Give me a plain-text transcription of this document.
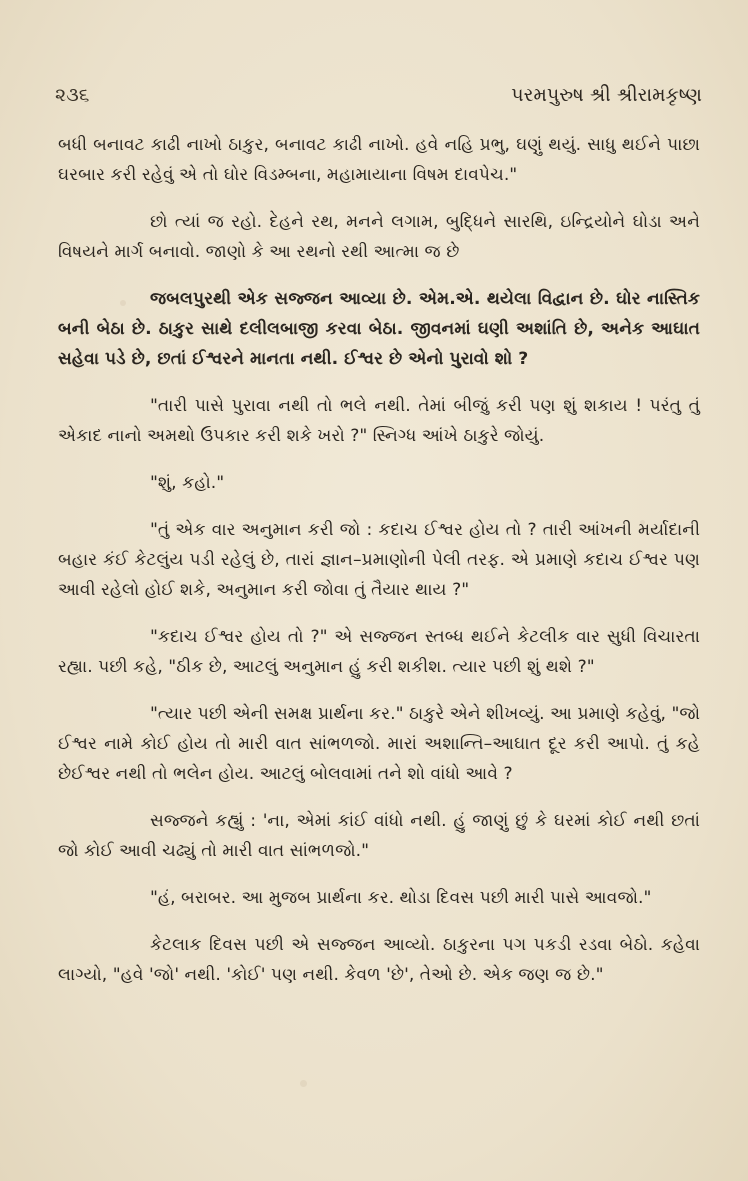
૨૩૬	પરમપુરુષ શ્રી શ્રીરામકૃષ્ણ

બધી બનાવટ કાઢી નાખો ઠાકુર, બનાવટ કાઢી નાખો. હવે નહિ પ્રભુ, ઘણું થયું. સાધુ થઈને પાછા ઘરબાર કરી રહેવું એ તો ઘોર વિડમ્બના, મહામાયાના વિષમ દાવપેચ."

છો ત્યાં જ રહો. દેહને રથ, મનને લગામ, બુદ્ધિને સારથિ, ઇન્દ્રિયોને ઘોડા અને વિષયને માર્ગ બનાવો. જાણો કે આ રથનો રથી આત્મા જ છે

જબલપુરથી એક સજ્જન આવ્યા છે. એમ.એ. થયેલા વિદ્વાન છે. ઘોર નાસ્તિક બની બેઠા છે. ઠાકુર સાથે દલીલબાજી કરવા બેઠા. જીવનમાં ઘણી અશાંતિ છે, અનેક આઘાત સહેવા પડે છે, છતાં ઈશ્વરને માનતા નથી. ઈશ્વર છે એનો પુરાવો શો ?

"તારી પાસે પુરાવા નથી તો ભલે નથી. તેમાં બીજું કરી પણ શું શકાય ! પરંતુ તું એકાદ નાનો અમથો ઉપકાર કરી શકે ખરો ?" સ્નિગ્ધ આંખે ઠાકુરે જોયું.

"શું, કહો."

"તું એક વાર અનુમાન કરી જો : કદાચ ઈશ્વર હોય તો ? તારી આંખની મર્યાદાની બહાર કંઈ કેટલુંય પડી રહેલું છે, તારાં જ્ઞાન–પ્રમાણોની પેલી તરફ. એ પ્રમાણે કદાચ ઈશ્વર પણ આવી રહેલો હોઈ શકે, અનુમાન કરી જોવા તું તૈયાર થાય ?"

"કદાચ ઈશ્વર હોય તો ?" એ સજ્જન સ્તબ્ધ થઈને કેટલીક વાર સુધી વિચારતા રહ્યા. પછી કહે, "ઠીક છે, આટલું અનુમાન હું કરી શકીશ. ત્યાર પછી શું થશે ?"

"ત્યાર પછી એની સમક્ષ પ્રાર્થના કર." ઠાકુરે એને શીખવ્યું. આ પ્રમાણે કહેવું, "જો ઈશ્વર નામે કોઈ હોય તો મારી વાત સાંભળજો. મારાં અશાન્તિ–આઘાત દૂર કરી આપો. તું કહે છેઈશ્વર નથી તો ભલેન હોય. આટલું બોલવામાં તને શો વાંધો આવે ?

સજ્જને કહ્યું : 'ના, એમાં કાંઈ વાંધો નથી. હું જાણું છું કે ઘરમાં કોઈ નથી છતાં જો કોઈ આવી ચઢ્યું તો મારી વાત સાંભળજો."

"હં, બરાબર. આ મુજબ પ્રાર્થના કર. થોડા દિવસ પછી મારી પાસે આવજો."

કેટલાક દિવસ પછી એ સજ્જન આવ્યો. ઠાકુરના પગ પકડી રડવા બેઠો. કહેવા લાગ્યો, "હવે 'જો' નથી. 'કોઈ' પણ નથી. કેવળ 'છે', તેઓ છે. એક જણ જ છે."
